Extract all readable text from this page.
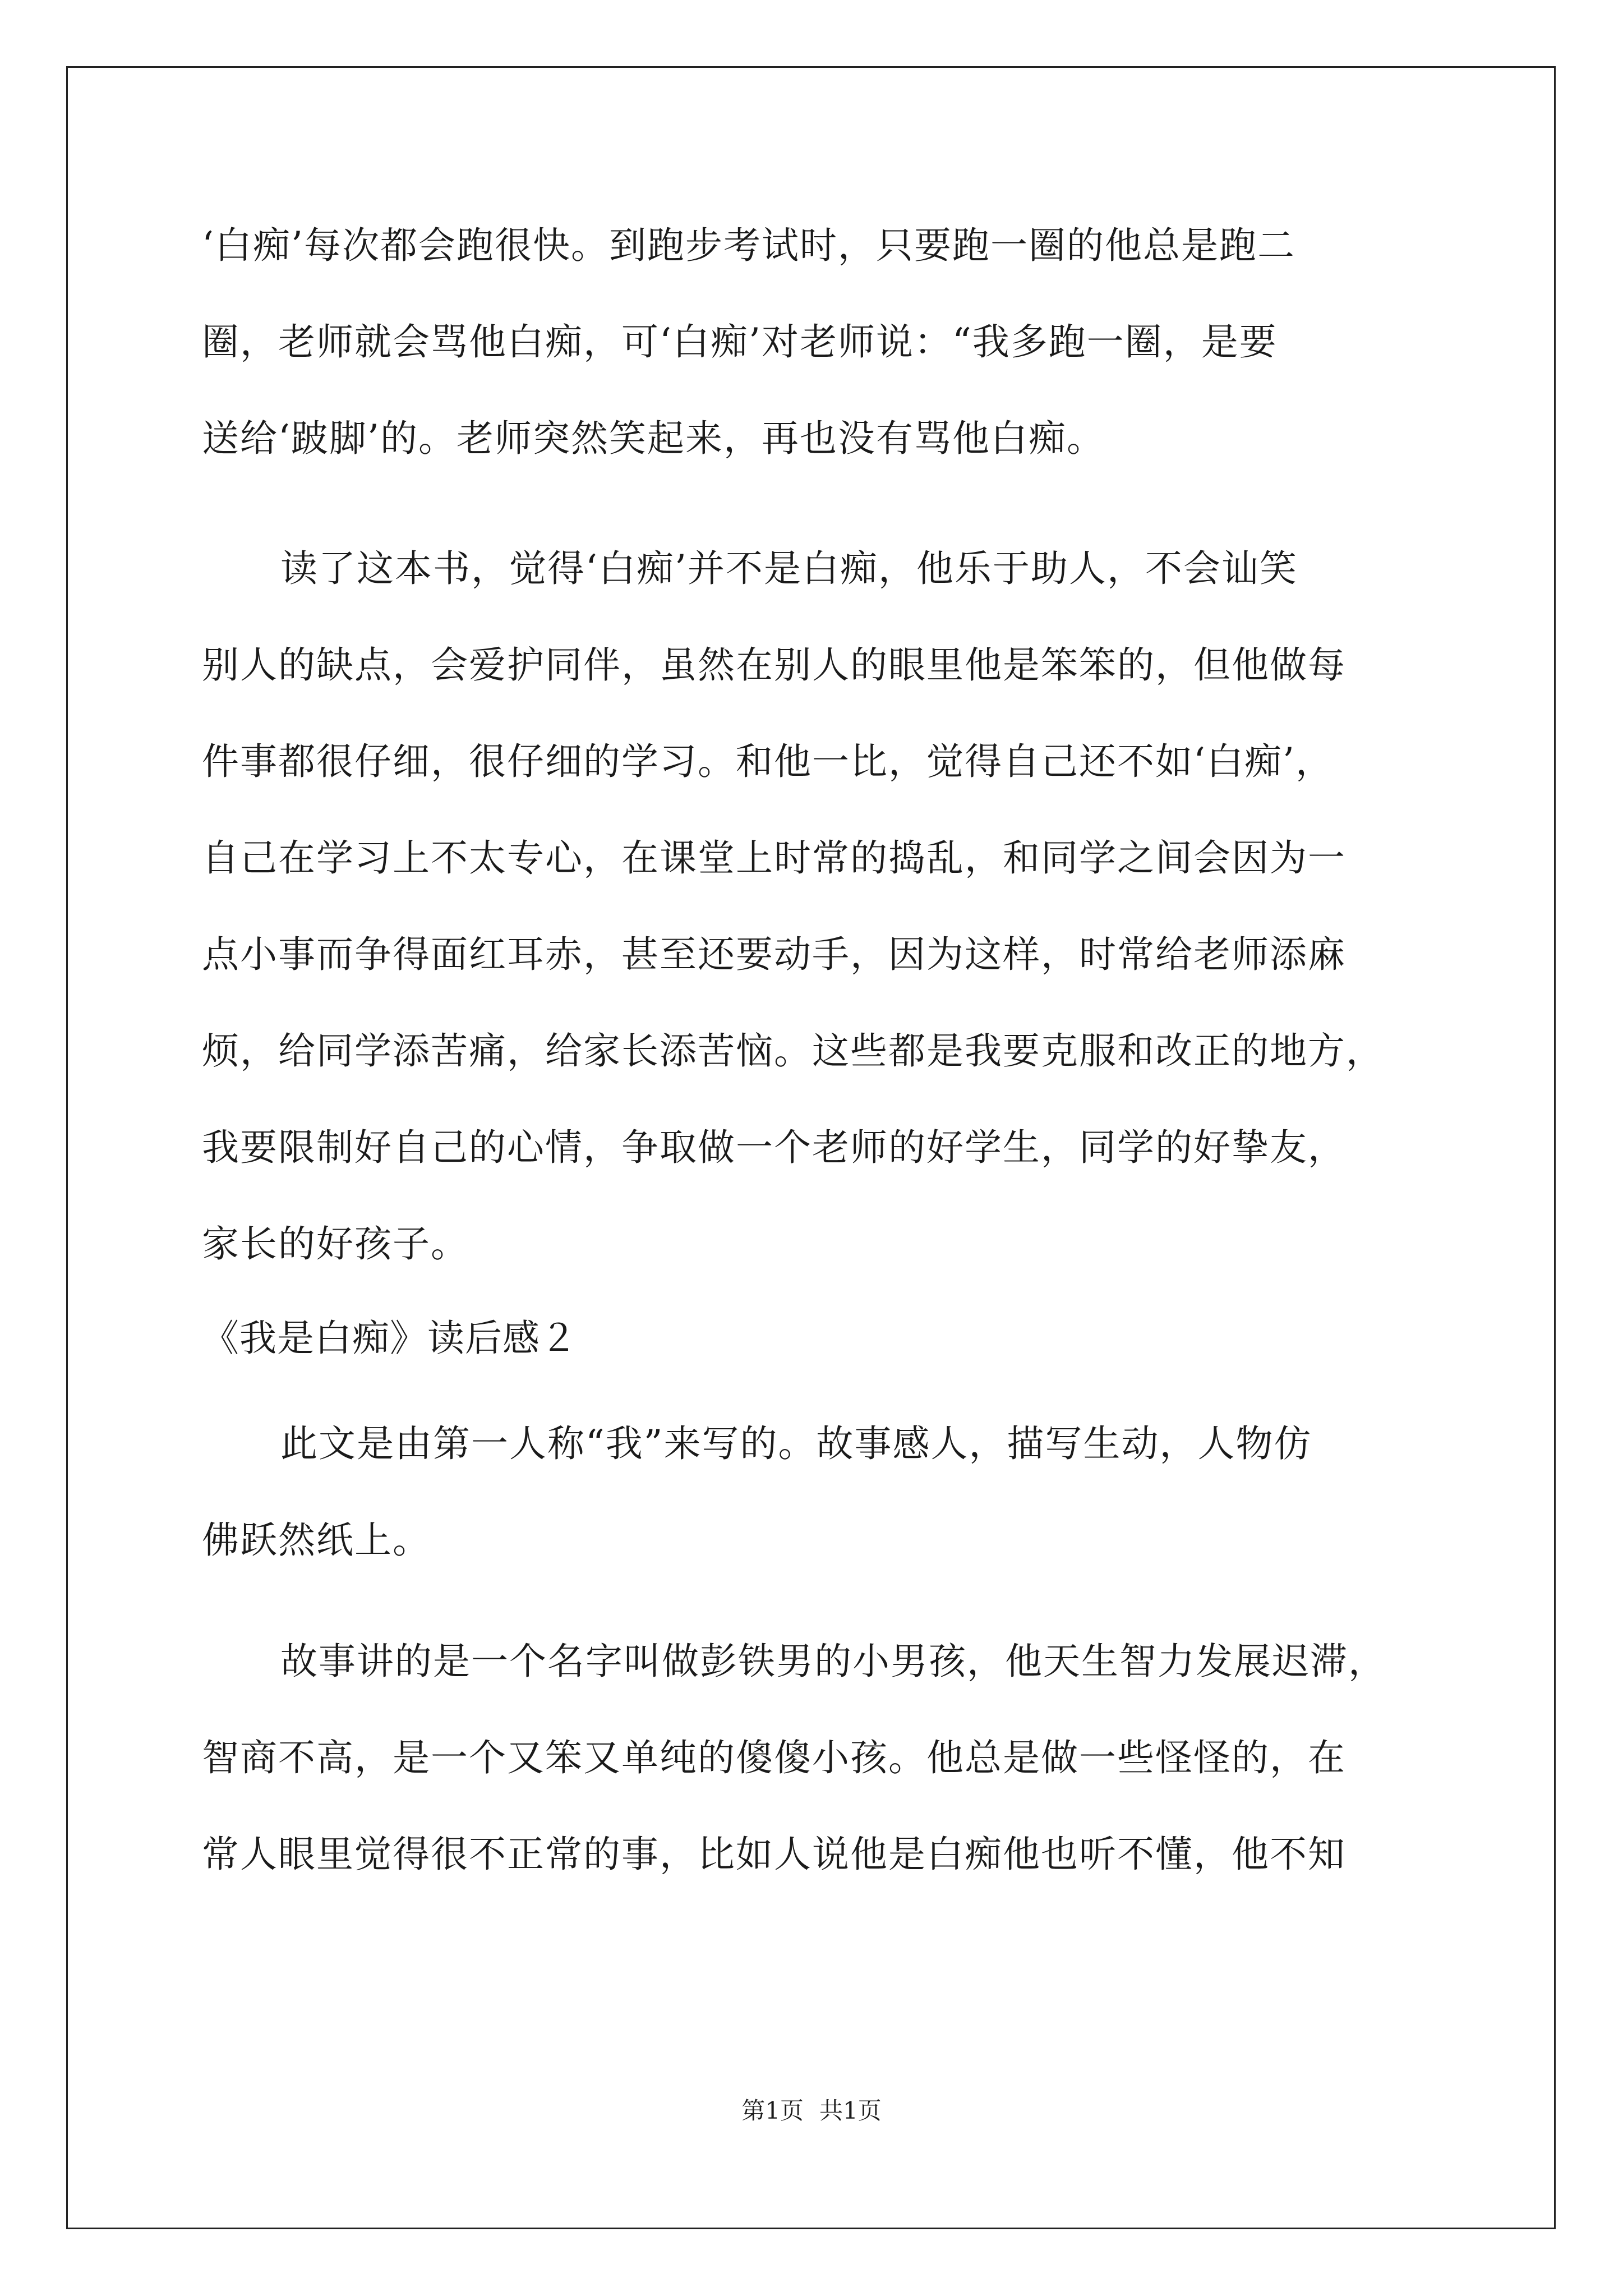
‘白痴’每次都会跑很快。到跑步考试时，只要跑一圈的他总是跑二

圈，老师就会骂他白痴，可‘白痴’对老师说：“我多跑一圈，是要

送给‘跛脚’的。老师突然笑起来，再也没有骂他白痴。

读了这本书，觉得‘白痴’并不是白痴，他乐于助人，不会讪笑

别人的缺点，会爱护同伴，虽然在别人的眼里他是笨笨的，但他做每

件事都很仔细，很仔细的学习。和他一比，觉得自己还不如‘白痴’，

自己在学习上不太专心，在课堂上时常的捣乱，和同学之间会因为一

点小事而争得面红耳赤，甚至还要动手，因为这样，时常给老师添麻

烦，给同学添苦痛，给家长添苦恼。这些都是我要克服和改正的地方，

我要限制好自己的心情，争取做一个老师的好学生，同学的好挚友，

家长的好孩子。

《我是白痴》读后感２

此文是由第一人称“我”来写的。故事感人，描写生动，人物仿

佛跃然纸上。

故事讲的是一个名字叫做彭铁男的小男孩，他天生智力发展迟滞，

智商不高，是一个又笨又单纯的傻傻小孩。他总是做一些怪怪的，在

常人眼里觉得很不正常的事，比如人说他是白痴他也听不懂，他不知

第1页 共1页
